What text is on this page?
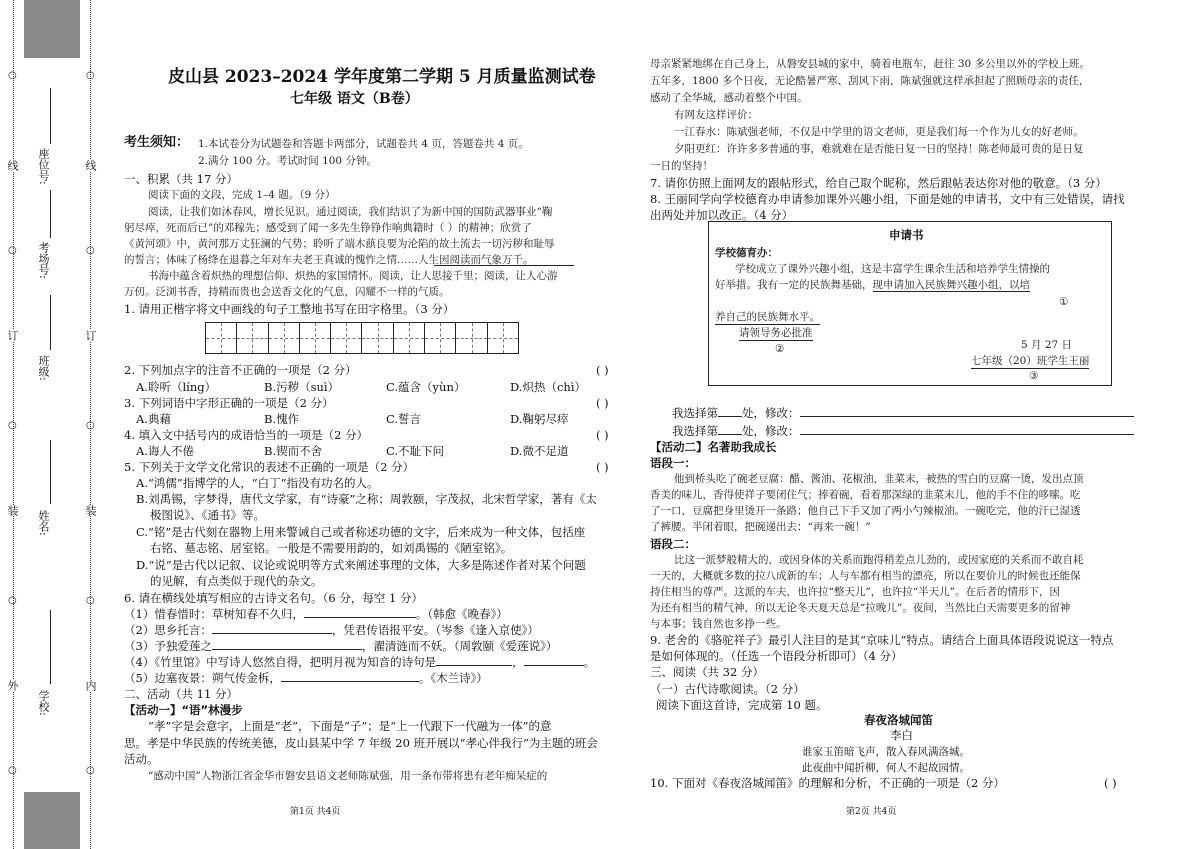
线
订
装
外
线
订
装
内
○
○
○
○
○
○
○
○
○
○
座位号:
考场号:
班级:
姓名:
学校:
皮山县 2023–2024 学年度第二学期 5 月质量监测试卷
七年级 语文（B卷）
考生须知： 1.本试卷分为试题卷和答题卡两部分，试题卷共 4 页，答题卷共 4 页。
2.满分 100 分。考试时间 100 分钟。
一、积累（共 17 分）
阅读下面的文段，完成 1–4 题。（9 分）
阅读，让我们如沐春风，增长见识。通过阅读，我们结识了为新中国的国防武器事业“鞠
躬尽瘁，死而后已”的邓稼先；感受到了闻一多先生铮铮作响典籍时（ ）的精神；欣赏了
《黄河颂》中，黄河那万丈狂澜的气势；聆听了端木蕻良要为沦陷的故土流去一切污秽和耻辱
的誓言；体味了杨绛在退暮之年对车夫老王真诚的愧怍之情……人生因阅读而气象万千。
书海中蕴含着炽热的理想信仰、炽热的家国情怀。阅读，让人思接千里；阅读，让人心游
万仞。泛浏书香，持精而贵也会送香文化的气息，闪耀不一样的气质。
1. 请用正楷字将文中画线的句子工整地书写在田字格里。（3 分）
2. 下列加点字的注音不正确的一项是（2 分）	( )
A.聆听（líng）	B.污秽（suì）	C.蕴含（yùn）	D.炽热（chì）
3. 下列词语中字形正确的一项是（2 分）	( )
A.典藉	B.愧作	C.誓言	D.鞠躬尽瘁
4. 填入文中括号内的成语恰当的一项是（2 分）	( )
A.诲人不倦	B.锲而不舍	C.不耻下问	D.微不足道
5. 下列关于文学文化常识的表述不正确的一项是（2 分）	( )
A.“鸿儒”指博学的人，“白丁”指没有功名的人。
B.刘禹锡，字梦得，唐代文学家，有“诗豪”之称；周敦颐，字茂叔，北宋哲学家，著有《太
极图说》、《通书》等。
C.“铭”是古代刻在器物上用来警诫自己或者称述功德的文字，后来成为一种文体，包括座
右铭、墓志铭、居室铭。一般是不需要用韵的，如刘禹锡的《陋室铭》。
D.“说”是古代以记叙、议论或说明等方式来阐述事理的文体，大多是陈述作者对某个问题
的见解，有点类似于现代的杂文。
6. 请在横线处填写相应的古诗文名句。（6 分，每空 1 分）
（1）惜春惜时：草树知春不久归，	。（韩愈《晚春》）
（2）思乡托言：	，凭君传语报平安。（岑参《逢入京使》）
（3）予独爱莲之	，濯清涟而不妖。（周敦颐《爱莲说》）
（4）《竹里馆》中写诗人悠然自得，把明月视为知音的诗句是	，	。
（5）边塞夜景：朔气传金柝，	。《木兰诗》）
二、活动（共 11 分）
【活动一】“语”林漫步
“孝”字是会意字，上面是“老”，下面是“子”；是“上一代跟下一代融为一体”的意
思。孝是中华民族的传统美德，皮山县某中学 7 年级 20 班开展以“孝心伴我行”为主题的班会
活动。
“感动中国”人物浙江省金华市磐安县语文老师陈斌强，用一条布带将患有老年痴呆症的
第1页 共4页
母亲紧紧地绑在自己身上，从磐安县城的家中，骑着电瓶车，赶往 30 多公里以外的学校上班。
五年多，1800 多个日夜，无论酷暑严寒、刮风下雨，陈斌强就这样承担起了照顾母亲的责任，
感动了全华城，感动着整个中国。
有网友这样评价：
一江春水：陈斌强老师，不仅是中学里的语文老师，更是我们每一个作为儿女的好老师。
夕阳更红：许许多多普通的事，难就难在是否能日复一日的坚持！陈老师最可贵的是日复
一日的坚持！
7. 请你仿照上面网友的跟帖形式，给自己取个昵称，然后跟帖表达你对他的敬意。（3 分）
8. 王丽同学向学校德育办申请参加课外兴趣小组，下面是她的申请书，文中有三处错误，请找
出两处并加以改正。（4 分）
申请书
学校德育办：
学校成立了课外兴趣小组，这是丰富学生课余生活和培养学生情操的
好举措。我有一定的民族舞基础，现申请加入民族舞兴趣小组，以培
①
养自己的民族舞水平。
请领导务必批准
②	5 月 27 日
七年级（20）班学生王丽
③
我选择第 处，修改：
我选择第 处，修改：
【活动二】名著助我成长
语段一：
他到桥头吃了碗老豆腐：醋、酱油、花椒油，韭菜末，被热的雪白的豆腐一烫，发出点顶
香美的味儿，香得使祥子要闭住气；捧着碗，看着那深绿的韭菜末儿，他的手不住的哆嗦。吃
了一口，豆腐把身里烫开一条路；他自己下手又加了两小勺辣椒油。一碗吃完，他的汗已湿透
了裤腰。半闭着眼，把碗递出去：“再来一碗！”
语段二：
比这一派梦般精大的，或因身体的关系而跑得稍差点儿劲的，或因家庭的关系而不敢自耗
一天的，大概就多数的拉八成新的车；人与车都有相当的漂亮，所以在要价儿的时候也还能保
持住相当的尊严。这派的车夫，也许拉“整天儿”，也许拉“半天儿”。在后者的情形下，因
为还有相当的精气神，所以无论冬天夏天总是“拉晚儿”。夜间，当然比白天需要更多的留神
与本事；钱自然也多挣一些。
9. 老舍的《骆驼祥子》最引人注目的是其“京味儿”特点。请结合上面具体语段说说这一特点
是如何体现的。（任选一个语段分析即可）（4 分）
三、阅读（共 32 分）
（一）古代诗歌阅读。（2 分）
阅读下面这首诗，完成第 10 题。
春夜洛城闻笛
李白
谁家玉笛暗飞声，散入春风满洛城。
此夜曲中闻折柳，何人不起故园情。
10. 下面对《春夜洛城闻笛》的理解和分析，不正确的一项是（2 分）	( )
第2页 共4页
